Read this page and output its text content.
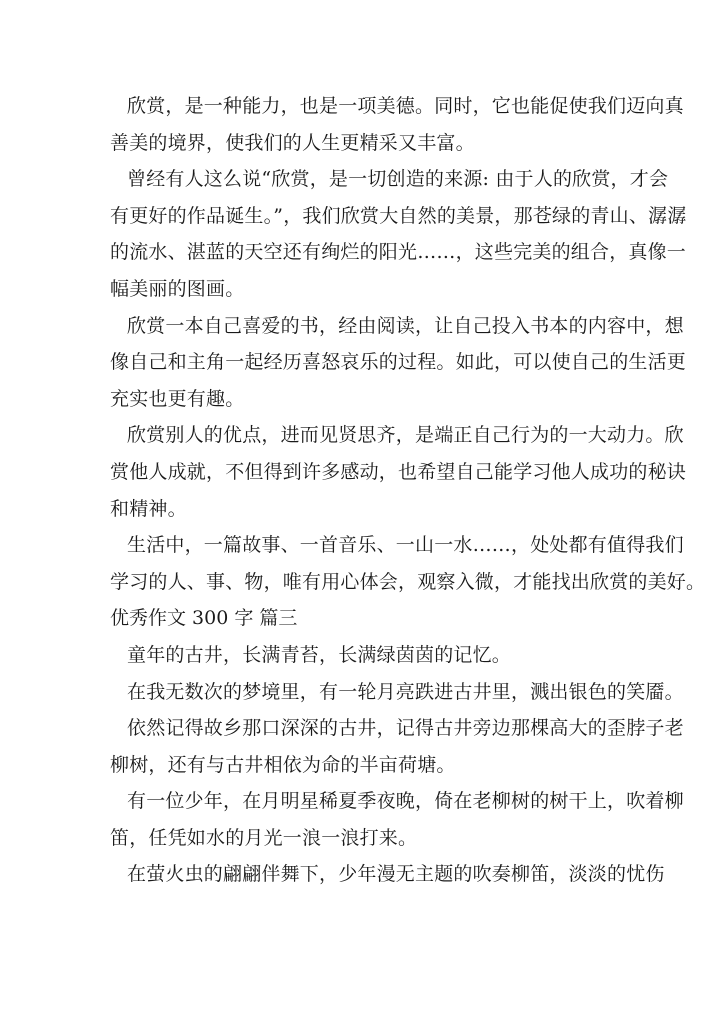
欣赏，是一种能力，也是一项美德。同时，它也能促使我们迈向真
善美的境界，使我们的人生更精采又丰富。
曾经有人这么说“欣赏，是一切创造的来源: 由于人的欣赏，才会
有更好的作品诞生。”，我们欣赏大自然的美景，那苍绿的青山、潺潺
的流水、湛蓝的天空还有绚烂的阳光……，这些完美的组合，真像一
幅美丽的图画。
欣赏一本自己喜爱的书，经由阅读，让自己投入书本的内容中，想
像自己和主角一起经历喜怒哀乐的过程。如此，可以使自己的生活更
充实也更有趣。
欣赏别人的优点，进而见贤思齐，是端正自己行为的一大动力。欣
赏他人成就，不但得到许多感动，也希望自己能学习他人成功的秘诀
和精神。
生活中，一篇故事、一首音乐、一山一水……，处处都有值得我们
学习的人、事、物，唯有用心体会，观察入微，才能找出欣赏的美好。
优秀作文 300 字 篇三
童年的古井，长满青苔，长满绿茵茵的记忆。
在我无数次的梦境里，有一轮月亮跌进古井里，溅出银色的笑靥。
依然记得故乡那口深深的古井，记得古井旁边那棵高大的歪脖子老
柳树，还有与古井相依为命的半亩荷塘。
有一位少年，在月明星稀夏季夜晚，倚在老柳树的树干上，吹着柳
笛，任凭如水的月光一浪一浪打来。
在萤火虫的翩翩伴舞下，少年漫无主题的吹奏柳笛，淡淡的忧伤
